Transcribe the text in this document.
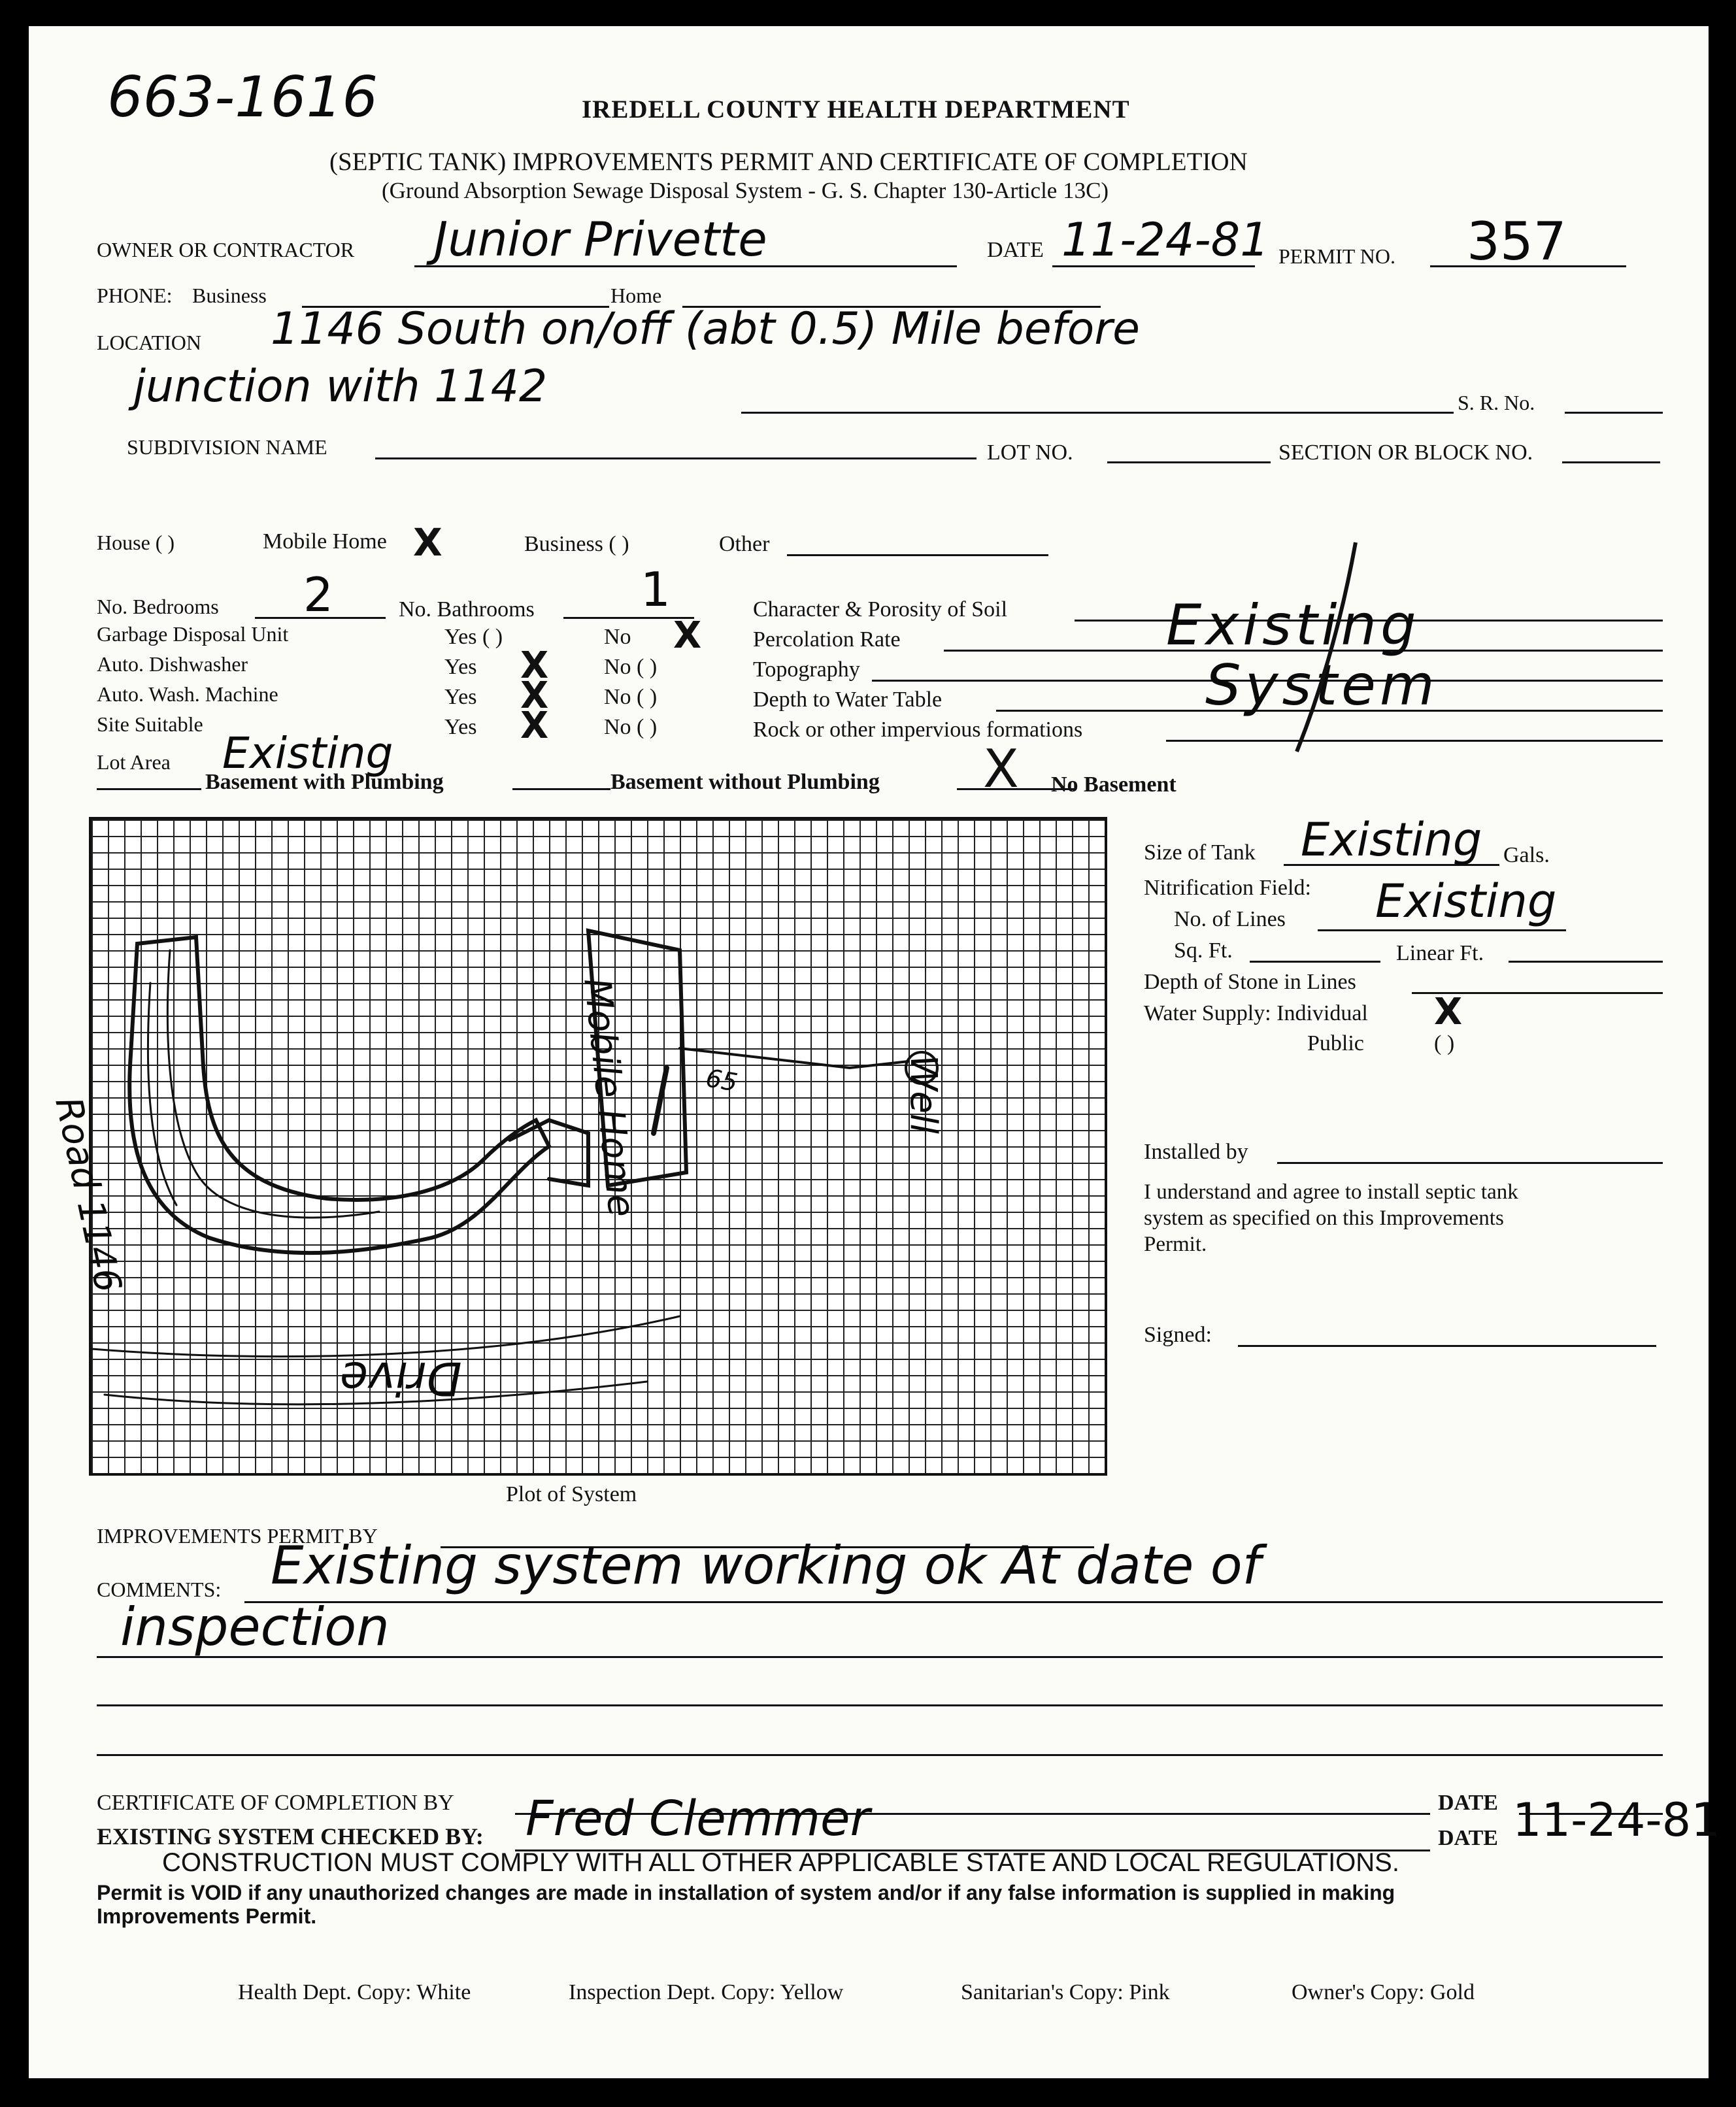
663-1616	IREDELL COUNTY HEALTH DEPARTMENT
(SEPTIC TANK) IMPROVEMENTS PERMIT AND CERTIFICATE OF COMPLETION
(Ground Absorption Sewage Disposal System - G. S. Chapter 130-Article 13C)
OWNER OR CONTRACTOR Junior Privette	DATE 11-24-81 PERMIT NO. 357
PHONE: Business	Home
LOCATION 1146 South on/off (abt 0.5) Mile before
junction with 1142	S. R. No.
SUBDIVISION NAME	LOT NO.	SECTION OR BLOCK NO.
House ( )	Mobile Home X	Business ( )	Other
No. Bedrooms 2	No. Bathrooms 1
Garbage Disposal Unit	Yes ( )	No X
Auto. Dishwasher	Yes X No ( )
Auto. Wash. Machine	Yes X No ( )
Site Suitable	Yes X No ( )
Lot Area Existing
Character & Porosity of Soil
Percolation Rate
Topography
Depth to Water Table
Rock or other impervious formations
Existing
System
Basement with Plumbing	Basement without Plumbing X No Basement
Road 1146	Mobile Home	Well
Drive
65
Plot of System
Size of Tank Existing Gals.
Nitrification Field:
No. of Lines Existing
Sq. Ft.	Linear Ft.
Depth of Stone in Lines
Water Supply: Individual X
Public	( )
Installed by
I understand and agree to install septic tank
system as specified on this Improvements
Permit.
Signed:
IMPROVEMENTS PERMIT BY
COMMENTS: Existing system working ok At date of
inspection
CERTIFICATE OF COMPLETION BY	DATE
EXISTING SYSTEM CHECKED BY: Fred Clemmer	DATE 11-24-81
CONSTRUCTION MUST COMPLY WITH ALL OTHER APPLICABLE STATE AND LOCAL REGULATIONS.
Permit is VOID if any unauthorized changes are made in installation of system and/or if any false information is supplied in making
Improvements Permit.
Health Dept. Copy: White	Inspection Dept. Copy: Yellow	Sanitarian's Copy: Pink	Owner's Copy: Gold
